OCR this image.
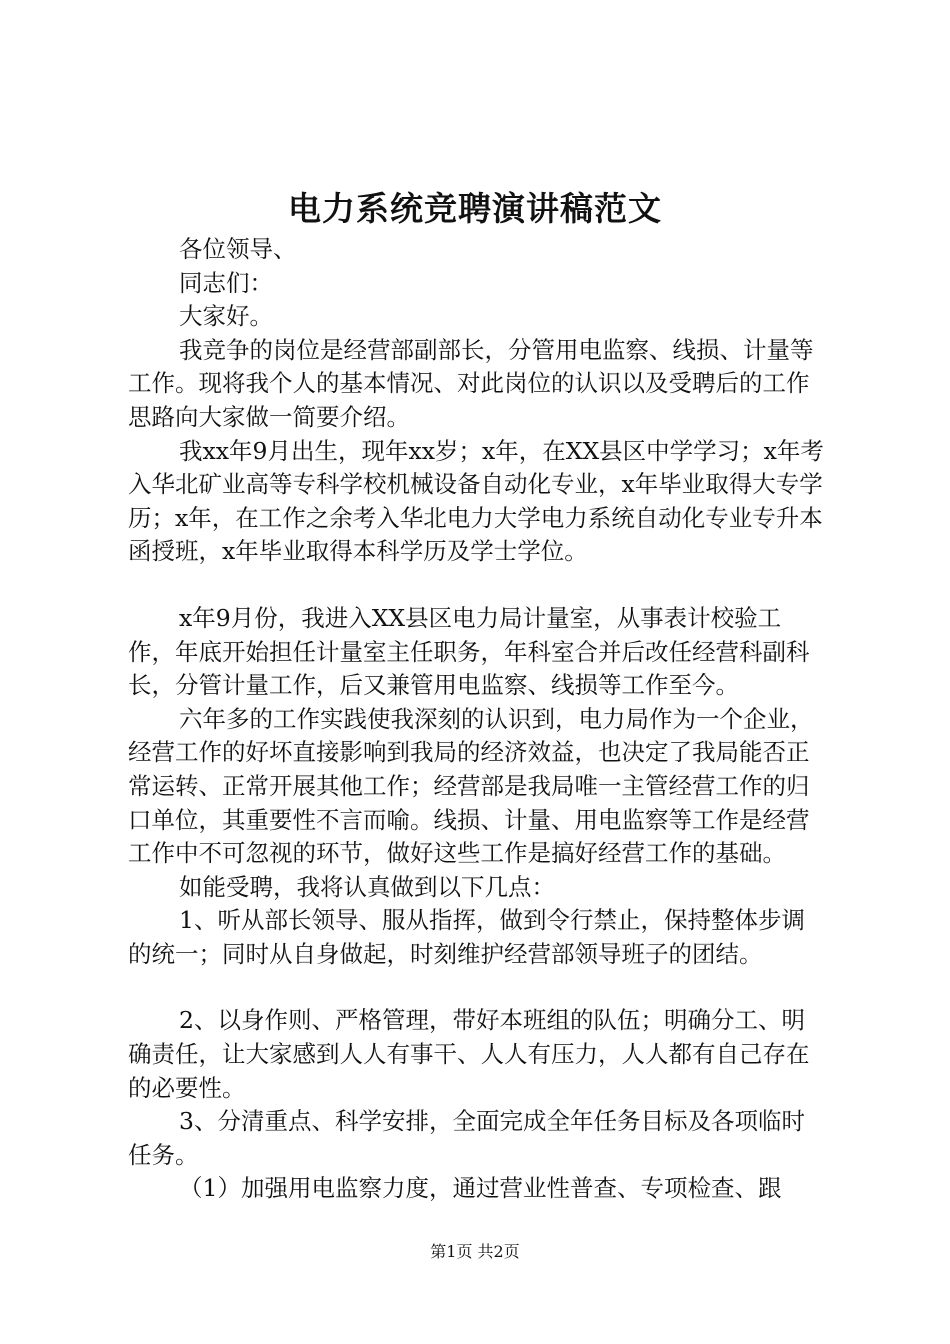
电力系统竞聘演讲稿范文

各位领导、

同志们：

大家好。

我竞争的岗位是经营部副部长，分管用电监察、线损、计量等工作。现将我个人的基本情况、对此岗位的认识以及受聘后的工作思路向大家做一简要介绍。

我xx年9月出生，现年xx岁；x年，在XX县区中学学习；x年考入华北矿业高等专科学校机械设备自动化专业，x年毕业取得大专学历；x年，在工作之余考入华北电力大学电力系统自动化专业专升本函授班，x年毕业取得本科学历及学士学位。

x年9月份，我进入XX县区电力局计量室，从事表计校验工作，年底开始担任计量室主任职务，年科室合并后改任经营科副科长，分管计量工作，后又兼管用电监察、线损等工作至今。

六年多的工作实践使我深刻的认识到，电力局作为一个企业，经营工作的好坏直接影响到我局的经济效益，也决定了我局能否正常运转、正常开展其他工作；经营部是我局唯一主管经营工作的归口单位，其重要性不言而喻。线损、计量、用电监察等工作是经营工作中不可忽视的环节，做好这些工作是搞好经营工作的基础。

如能受聘，我将认真做到以下几点：

1、听从部长领导、服从指挥，做到令行禁止，保持整体步调的统一；同时从自身做起，时刻维护经营部领导班子的团结。

2、以身作则、严格管理，带好本班组的队伍；明确分工、明确责任，让大家感到人人有事干、人人有压力，人人都有自己存在的必要性。

3、分清重点、科学安排，全面完成全年任务目标及各项临时任务。

（1）加强用电监察力度，通过营业性普查、专项检查、跟

第1页 共2页
